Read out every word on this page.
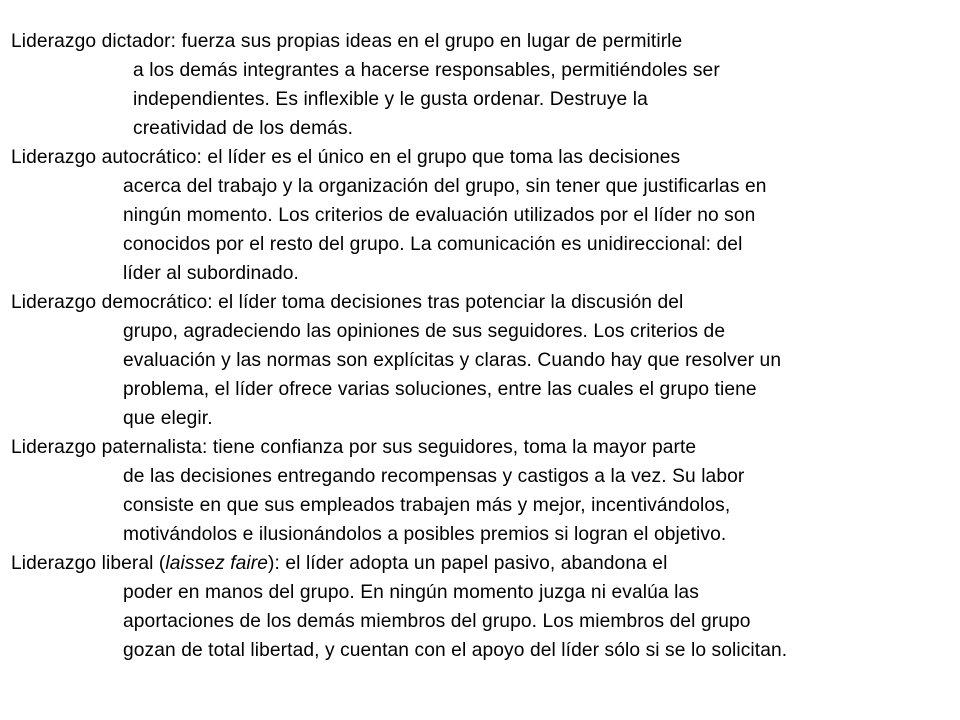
Liderazgo dictador: fuerza sus propias ideas en el grupo en lugar de permitirle
a los demás integrantes a hacerse responsables, permitiéndoles ser
independientes. Es inflexible y le gusta ordenar. Destruye la
creatividad de los demás.
Liderazgo autocrático: el líder es el único en el grupo que toma las decisiones
acerca del trabajo y la organización del grupo, sin tener que justificarlas en
ningún momento. Los criterios de evaluación utilizados por el líder no son
conocidos por el resto del grupo. La comunicación es unidireccional: del
líder al subordinado.
Liderazgo democrático: el líder toma decisiones tras potenciar la discusión del
grupo, agradeciendo las opiniones de sus seguidores. Los criterios de
evaluación y las normas son explícitas y claras. Cuando hay que resolver un
problema, el líder ofrece varias soluciones, entre las cuales el grupo tiene
que elegir.
Liderazgo paternalista: tiene confianza por sus seguidores, toma la mayor parte
de las decisiones entregando recompensas y castigos a la vez. Su labor
consiste en que sus empleados trabajen más y mejor, incentivándolos,
motivándolos e ilusionándolos a posibles premios si logran el objetivo.
Liderazgo liberal (laissez faire): el líder adopta un papel pasivo, abandona el
poder en manos del grupo. En ningún momento juzga ni evalúa las
aportaciones de los demás miembros del grupo. Los miembros del grupo
gozan de total libertad, y cuentan con el apoyo del líder sólo si se lo solicitan.
